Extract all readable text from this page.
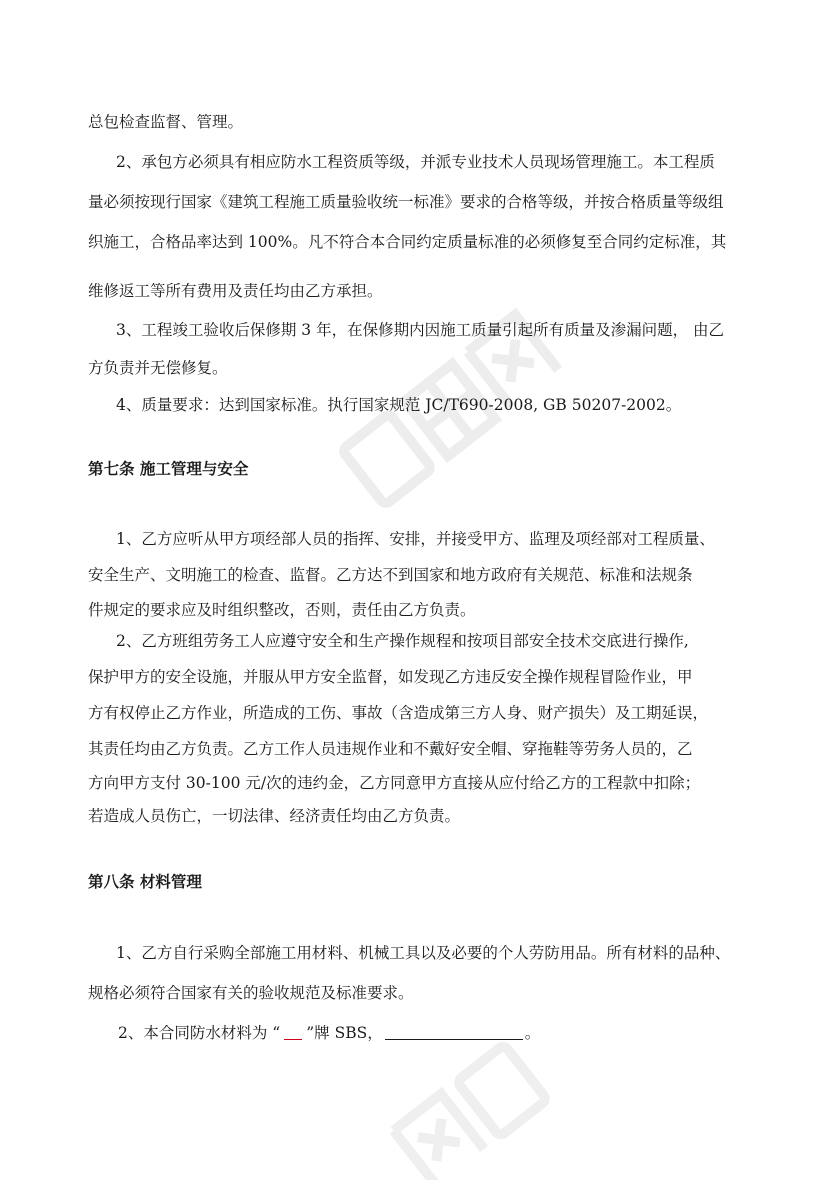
总包检查监督、管理。
2、承包方必须具有相应防水工程资质等级，并派专业技术人员现场管理施工。本工程质
量必须按现行国家《建筑工程施工质量验收统一标准》要求的合格等级，并按合格质量等级组
织施工，合格品率达到 100%。凡不符合本合同约定质量标准的必须修复至合同约定标准，其
维修返工等所有费用及责任均由乙方承担。
3、工程竣工验收后保修期 3 年，在保修期内因施工质量引起所有质量及渗漏问题， 由乙
方负责并无偿修复。
4、质量要求：达到国家标准。执行国家规范 JC/T690-2008, GB 50207-2002。
第七条 施工管理与安全
1、乙方应听从甲方项经部人员的指挥、安排，并接受甲方、监理及项经部对工程质量、
安全生产、文明施工的检查、监督。乙方达不到国家和地方政府有关规范、标准和法规条
件规定的要求应及时组织整改，否则，责任由乙方负责。
2、乙方班组劳务工人应遵守安全和生产操作规程和按项目部安全技术交底进行操作,
保护甲方的安全设施，并服从甲方安全监督，如发现乙方违反安全操作规程冒险作业，甲
方有权停止乙方作业，所造成的工伤、事故（含造成第三方人身、财产损失）及工期延误，
其责任均由乙方负责。乙方工作人员违规作业和不戴好安全帽、穿拖鞋等劳务人员的，乙
方向甲方支付 30-100 元/次的违约金，乙方同意甲方直接从应付给乙方的工程款中扣除；
若造成人员伤亡，一切法律、经济责任均由乙方负责。
第八条 材料管理
1、乙方自行采购全部施工用材料、机械工具以及必要的个人劳防用品。所有材料的品种、
规格必须符合国家有关的验收规范及标准要求。
2、本合同防水材料为 “ ”牌 SBS，	。
